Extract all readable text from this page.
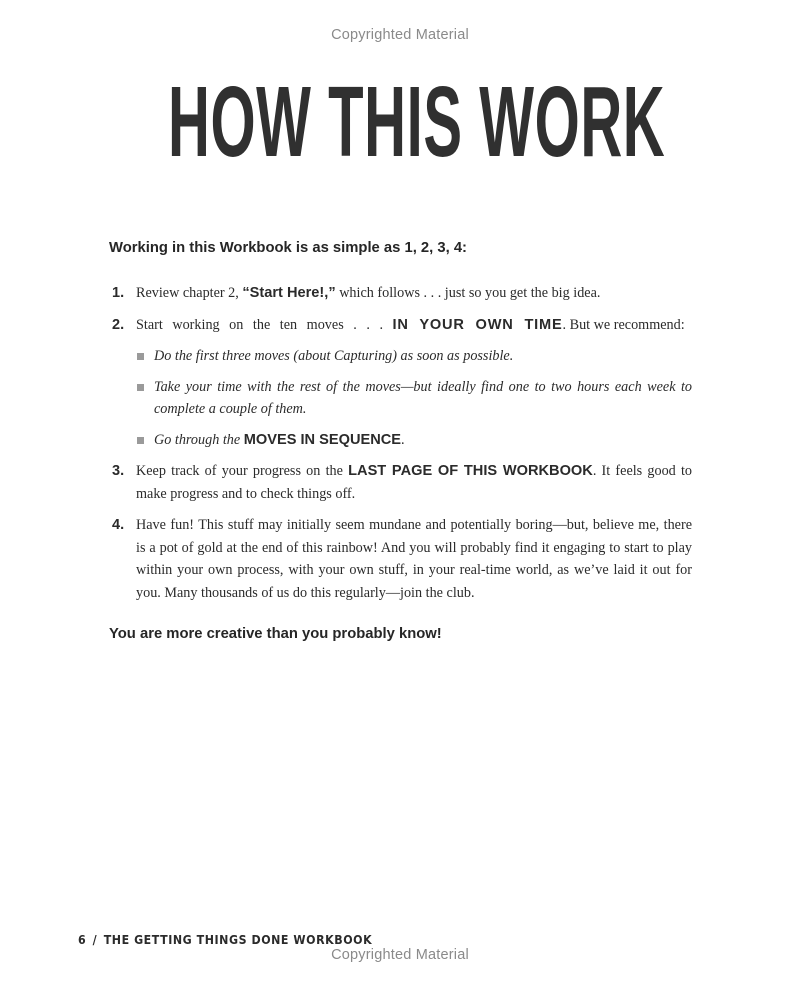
Copyrighted Material
HOW THIS WORK

Working in this Workbook is as simple as 1, 2, 3, 4:

1. Review chapter 2, “Start Here!,” which follows . . . just so you get the big idea.
2. Start working on the ten moves . . . IN YOUR OWN TIME. But we recommend:
Do the first three moves (about Capturing) as soon as possible.
Take your time with the rest of the moves—but ideally find one to two hours each week to complete a couple of them.
Go through the MOVES IN SEQUENCE.
3. Keep track of your progress on the LAST PAGE OF THIS WORKBOOK. It feels good to make progress and to check things off.
4. Have fun! This stuff may initially seem mundane and potentially boring—but, believe me, there is a pot of gold at the end of this rainbow! And you will probably find it engaging to start to play within your own process, with your own stuff, in your real-time world, as we’ve laid it out for you. Many thousands of us do this regularly—join the club.

You are more creative than you probably know!

6 / THE GETTING THINGS DONE WORKBOOK
Copyrighted Material
